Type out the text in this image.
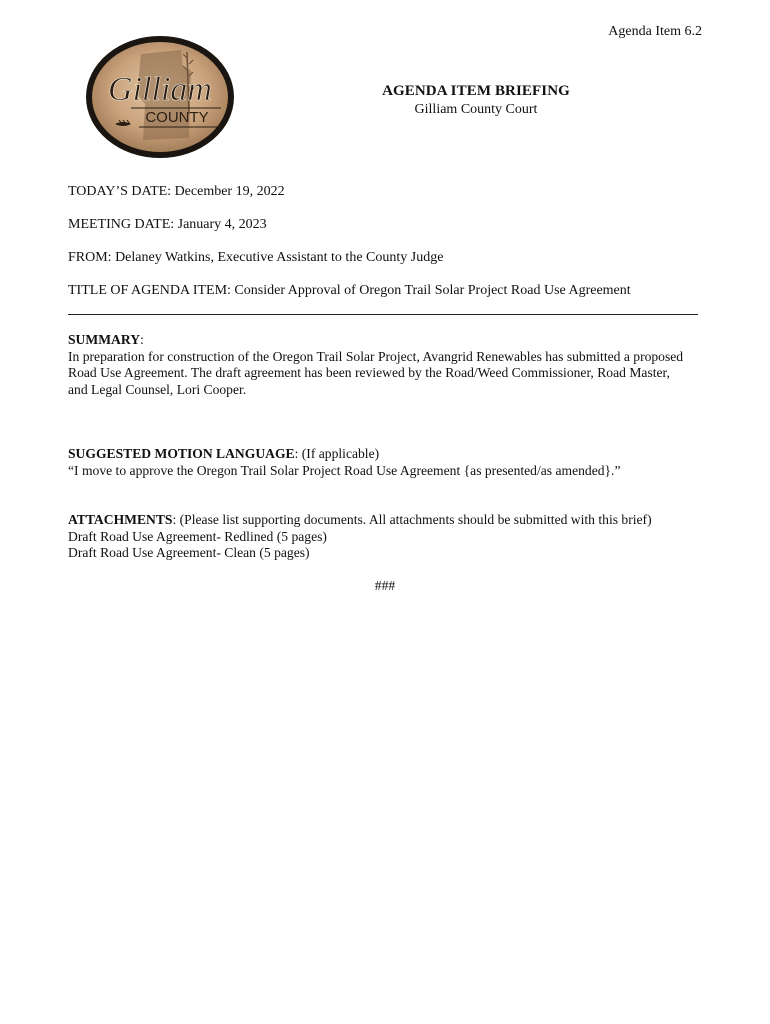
Agenda Item 6.2
Gilliam
COUNTY
AGENDA ITEM BRIEFING
Gilliam County Court
TODAY’S DATE: December 19, 2022
MEETING DATE: January 4, 2023
FROM: Delaney Watkins, Executive Assistant to the County Judge
TITLE OF AGENDA ITEM: Consider Approval of Oregon Trail Solar Project Road Use Agreement
SUMMARY:
In preparation for construction of the Oregon Trail Solar Project, Avangrid Renewables has submitted a proposed
Road Use Agreement. The draft agreement has been reviewed by the Road/Weed Commissioner, Road Master,
and Legal Counsel, Lori Cooper.
SUGGESTED MOTION LANGUAGE: (If applicable)
“I move to approve the Oregon Trail Solar Project Road Use Agreement {as presented/as amended}.”
ATTACHMENTS: (Please list supporting documents. All attachments should be submitted with this brief)
Draft Road Use Agreement- Redlined (5 pages)
Draft Road Use Agreement- Clean (5 pages)
###
